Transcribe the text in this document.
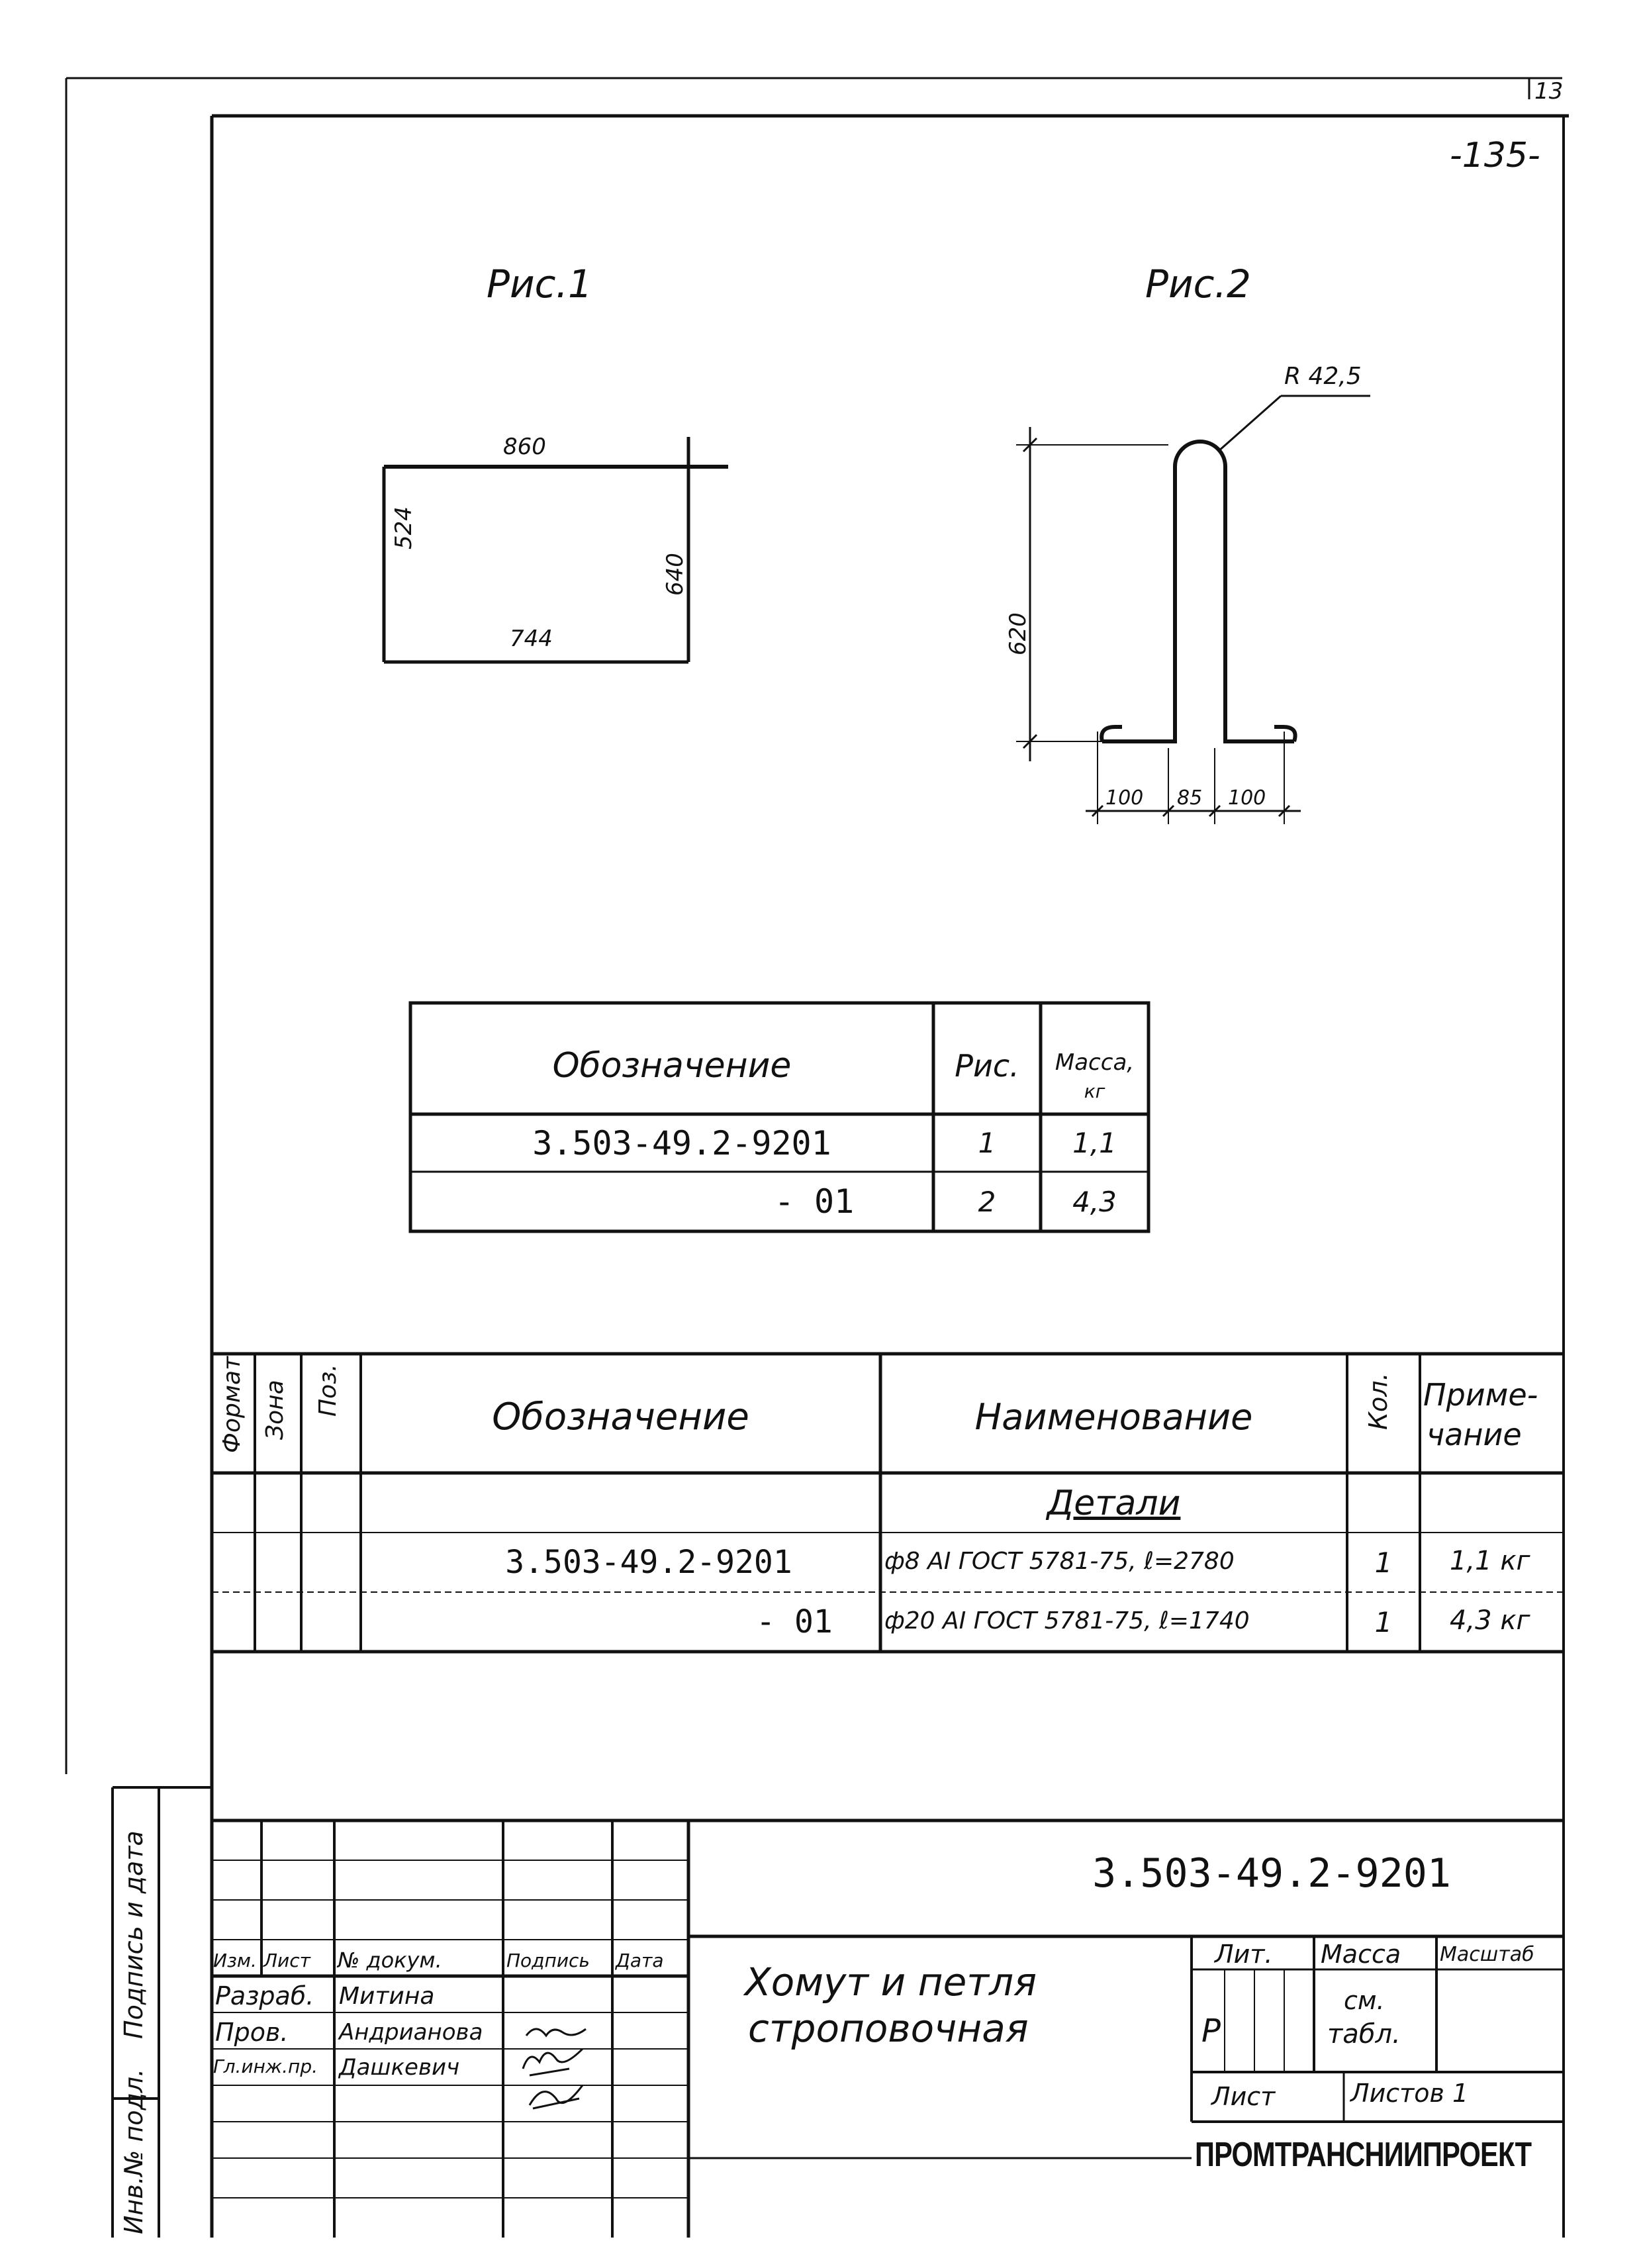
13
-135-
Рис.1
860
744
524
640
Рис.2
R 42,5
620
100 85 100
Обозначение	Рис.	Масса,
кг
3.503-49.2-9201	1	1,1
- 01	2	4,3
Формат Зона Поз.	Обозначение	Наименование	Кол. Приме-
чание
Детали
3.503-49.2-9201	ф8 АI ГОСТ 5781-75, ℓ=2780	1	1,1 кг
- 01	ф20 АI ГОСТ 5781-75, ℓ=1740	1	4,3 кг
Подпись и дата
Инв.№ подл.
3.503-49.2-9201
Хомут и петля
строповочная
Изм. Лист № докум.	Подпись Дата
Разраб. Митина
Пров. Андрианова
Гл.инж.пр. Дашкевич
Лит.
Р
Масса
см.
табл.
Масштаб
Лист	Листов 1
ПРОМТРАНСНИИПРОЕКТ
